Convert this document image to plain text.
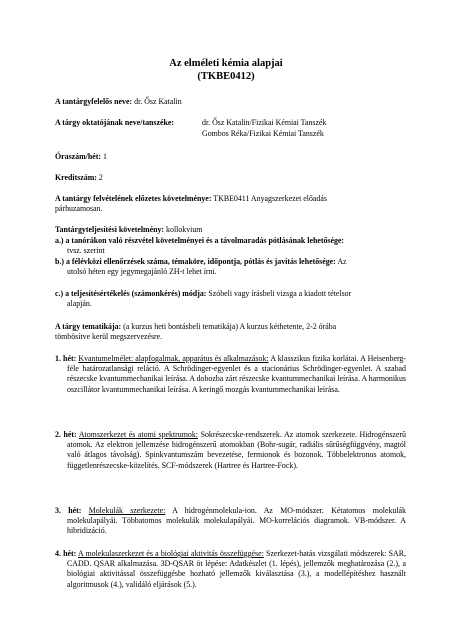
Az elméleti kémia alapjai
(TKBE0412)
A tantárgyfelelős neve: dr. Ősz Katalin
A tárgy oktatójának neve/tanszéke:	dr. Ősz Katalin/Fizikai Kémiai Tanszék
Gombos Réka/Fizikai Kémiai Tanszék
Óraszám/hét: 1
Kreditszám: 2
A tantárgy felvételének előzetes követelménye: TKBE0411 Anyagszerkezet előadás
párhuzamosan.
Tantárgyteljesítési követelmény: kollokvium
a.) a tanórákon való részvétel követelményei és a távolmaradás pótlásának lehetősége:
tvsz. szerint
b.) a félévközi ellenőrzések száma, témaköre, időpontja, pótlás és javítás lehetősége: Az
utolsó héten egy jegymegajánló ZH-t lehet írni.
c.) a teljesítésértékelés (számonkérés) módja: Szóbeli vagy írásbeli vizsga a kiadott tételsor
alapján.
A tárgy tematikája: (a kurzus heti bontásbeli tematikája) A kurzus kéthetente, 2-2 órába
tömbösítve kerül megszervezésre.
1. hét: Kvantumelmélet: alapfogalmak, apparátus és alkalmazások: A klasszikus fizika korlátai. A Heisenberg-féle határozatlansági reláció. A Schrödinger-egyenlet és a stacionárius Schrödinger-egyenlet. A szabad részecske kvantummechanikai leírása. A dobozba zárt részecske kvantummechanikai leírása. A harmonikus oszcillátor kvantummechanikai leírása. A keringő mozgás kvantummechanikai leírása.
2. hét: Atomszerkezet és atomi spektrumok: Sokrészecske-rendszerek. Az atomok szerkezete. Hidrogénszerű atomok. Az elektron jellemzése hidrogénszerű atomokban (Bohr-sugár, radiális sűrűségfüggvény, magtól való átlagos távolság). Spinkvantumszám bevezetése, fermionok és bozonok. Többelektronos atomok, függetlenrészecske-közelítés. SCF-módszerek (Hartree és Hartree-Fock).
3. hét: Molekulák szerkezete: A hidrogénmolekula-ion. Az MO-módszer. Kétatomos molekulák molekulapályái. Többatomos molekulák molekulapályái. MO-korrelációs diagramok. VB-módszer. A hibridizáció.
4. hét: A molekulaszerkezet és a biológiai aktivitás összefüggése: Szerkezet-hatás vizsgálati módszerek: SAR, CADD. QSAR alkalmazása. 3D-QSAR öt lépése: Adatkészlet (1. lépés), jellemzők meghatározása (2.), a biológiai aktivitással összefüggésbe hozható jellemzők kiválasztása (3.), a modellépítéshez használt algoritmusok (4.), validáló eljárások (5.).
